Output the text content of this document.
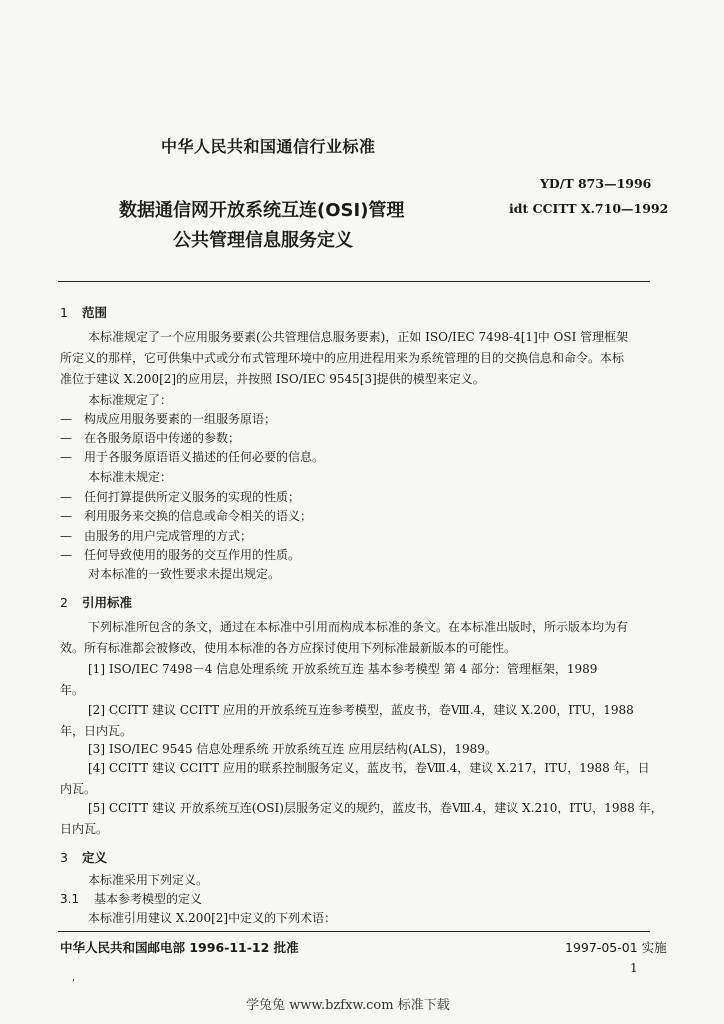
中华人民共和国通信行业标准
YD/T 873—1996
数据通信网开放系统互连(OSI)管理	idt CCITT X.710—1992
公共管理信息服务定义
1 范围
本标准规定了一个应用服务要素(公共管理信息服务要素)，正如 ISO/IEC 7498-4[1]中 OSI 管理框架
所定义的那样，它可供集中式或分布式管理环境中的应用进程用来为系统管理的目的交换信息和命令。本标
准位于建议 X.200[2]的应用层，并按照 ISO/IEC 9545[3]提供的模型来定义。
本标准规定了：
— 构成应用服务要素的一组服务原语；
— 在各服务原语中传递的参数；
— 用于各服务原语语义描述的任何必要的信息。
本标准未规定：
— 任何打算提供所定义服务的实现的性质；
— 利用服务来交换的信息或命令相关的语义；
— 由服务的用户完成管理的方式；
— 任何导致使用的服务的交互作用的性质。
对本标准的一致性要求未提出规定。
2 引用标准
下列标准所包含的条文，通过在本标准中引用而构成本标准的条文。在本标准出版时，所示版本均为有
效。所有标准都会被修改，使用本标准的各方应探讨使用下列标准最新版本的可能性。
[1] ISO/IEC 7498－4 信息处理系统 开放系统互连 基本参考模型 第 4 部分：管理框架，1989
年。
[2] CCITT 建议 CCITT 应用的开放系统互连参考模型，蓝皮书，卷Ⅷ.4，建议 X.200，ITU，1988
年，日内瓦。
[3] ISO/IEC 9545 信息处理系统 开放系统互连 应用层结构(ALS)，1989。
[4] CCITT 建议 CCITT 应用的联系控制服务定义，蓝皮书，卷Ⅷ.4，建议 X.217，ITU，1988 年，日
内瓦。
[5] CCITT 建议 开放系统互连(OSI)层服务定义的规约，蓝皮书，卷Ⅷ.4，建议 X.210，ITU，1988 年，
日内瓦。
3 定义
本标准采用下列定义。
3.1 基本参考模型的定义
本标准引用建议 X.200[2]中定义的下列术语：
中华人民共和国邮电部 1996-11-12 批准	1997-05-01 实施
1
,
学兔兔 www.bzfxw.com 标准下载
